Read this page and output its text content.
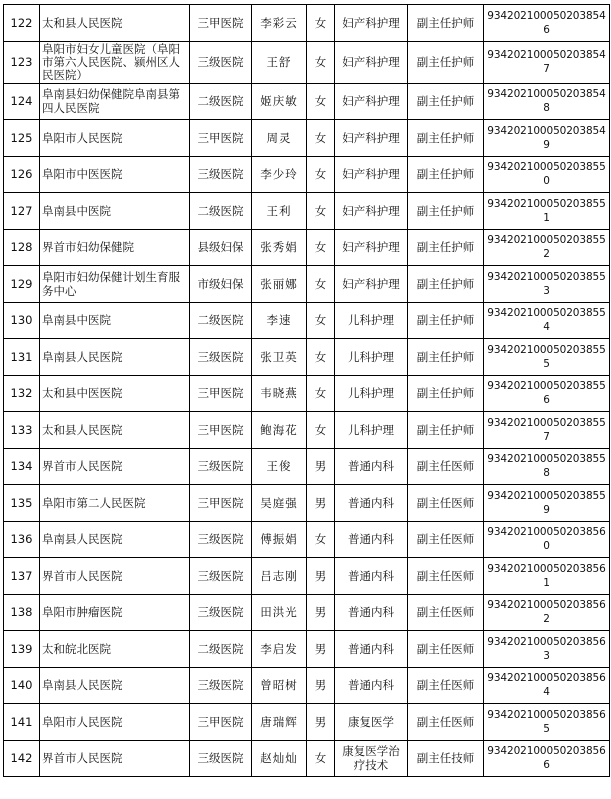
122	太和县人民医院	三甲医院	李彩云	女	妇产科护理	副主任护师	9342021000502038546
123	阜阳市妇女儿童医院（阜阳市第六人民医院、颍州区人民医院）	三级医院	王舒	女	妇产科护理	副主任护师	9342021000502038547
124	阜南县妇幼保健院阜南县第四人民医院	二级医院	姬庆敏	女	妇产科护理	副主任护师	9342021000502038548
125	阜阳市人民医院	三甲医院	周灵	女	妇产科护理	副主任护师	9342021000502038549
126	阜阳市中医医院	三级医院	李少玲	女	妇产科护理	副主任护师	9342021000502038550
127	阜南县中医院	二级医院	王利	女	妇产科护理	副主任护师	9342021000502038551
128	界首市妇幼保健院	县级妇保	张秀娟	女	妇产科护理	副主任护师	9342021000502038552
129	阜阳市妇幼保健计划生育服务中心	市级妇保	张丽娜	女	妇产科护理	副主任护师	9342021000502038553
130	阜南县中医院	二级医院	李速	女	儿科护理	副主任护师	9342021000502038554
131	阜南县人民医院	三级医院	张卫英	女	儿科护理	副主任护师	9342021000502038555
132	太和县中医医院	三甲医院	韦晓燕	女	儿科护理	副主任护师	9342021000502038556
133	太和县人民医院	三甲医院	鲍海花	女	儿科护理	副主任护师	9342021000502038557
134	界首市人民医院	三级医院	王俊	男	普通内科	副主任医师	9342021000502038558
135	阜阳市第二人民医院	三甲医院	吴庭强	男	普通内科	副主任医师	9342021000502038559
136	阜南县人民医院	三级医院	傅振娟	女	普通内科	副主任医师	9342021000502038560
137	界首市人民医院	三级医院	吕志刚	男	普通内科	副主任医师	9342021000502038561
138	阜阳市肿瘤医院	三级医院	田洪光	男	普通内科	副主任医师	9342021000502038562
139	太和皖北医院	二级医院	李启发	男	普通内科	副主任医师	9342021000502038563
140	阜南县人民医院	三级医院	曾昭树	男	普通内科	副主任医师	9342021000502038564
141	阜阳市人民医院	三甲医院	唐瑞辉	男	康复医学	副主任医师	9342021000502038565
142	界首市人民医院	三级医院	赵灿灿	女	康复医学治疗技术	副主任技师	9342021000502038566
